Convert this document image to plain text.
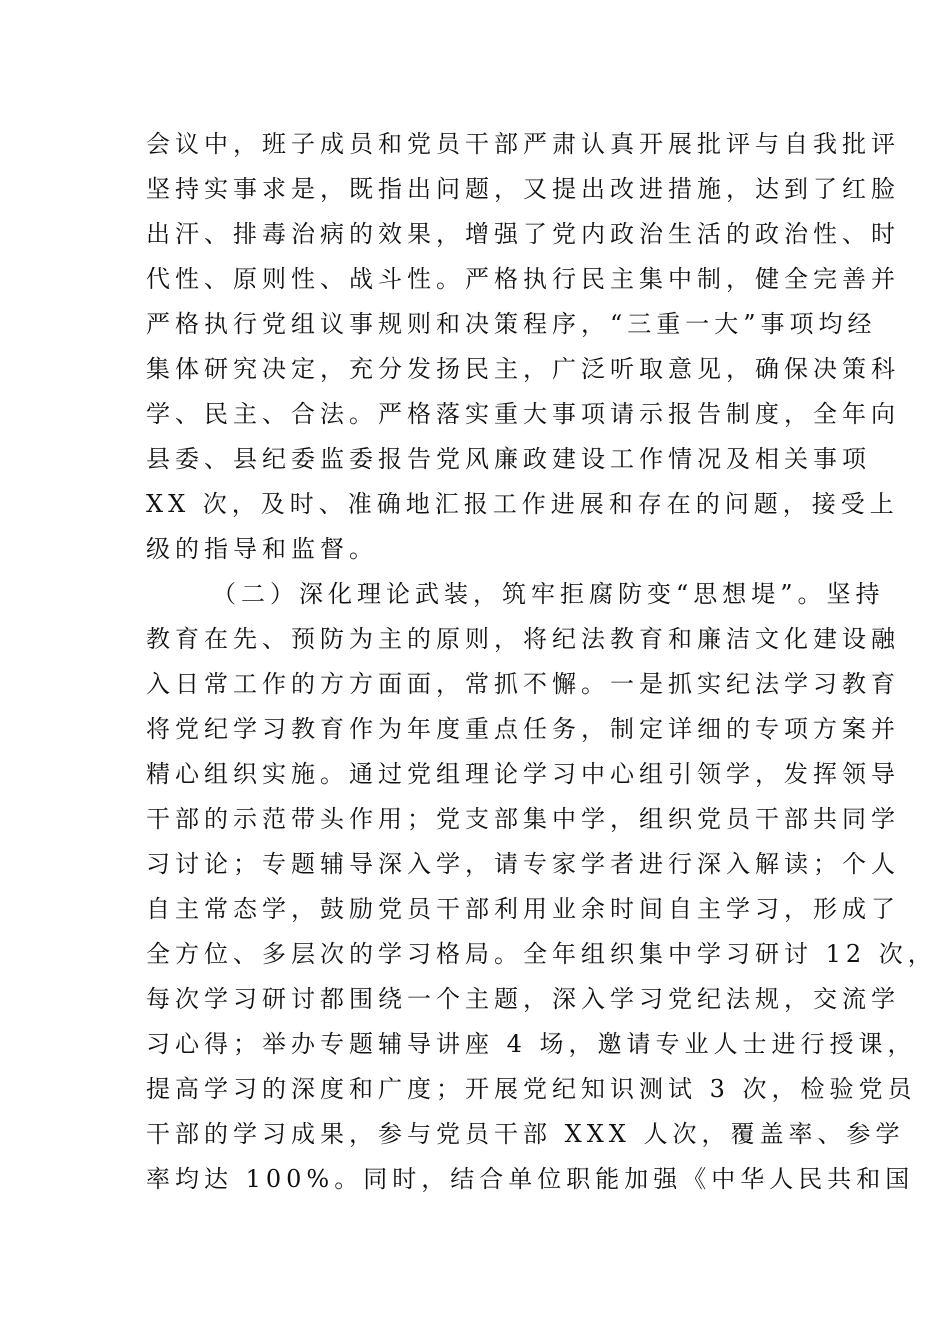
会议中，班子成员和党员干部严肃认真开展批评与自我批评
坚持实事求是，既指出问题，又提出改进措施，达到了红脸
出汗、排毒治病的效果，增强了党内政治生活的政治性、时
代性、原则性、战斗性。严格执行民主集中制，健全完善并
严格执行党组议事规则和决策程序，“三重一大”事项均经
集体研究决定，充分发扬民主，广泛听取意见，确保决策科
学、民主、合法。严格落实重大事项请示报告制度，全年向
县委、县纪委监委报告党风廉政建设工作情况及相关事项
XX 次，及时、准确地汇报工作进展和存在的问题，接受上
级的指导和监督。
（二）深化理论武装，筑牢拒腐防变“思想堤”。坚持
教育在先、预防为主的原则，将纪法教育和廉洁文化建设融
入日常工作的方方面面，常抓不懈。一是抓实纪法学习教育
将党纪学习教育作为年度重点任务，制定详细的专项方案并
精心组织实施。通过党组理论学习中心组引领学，发挥领导
干部的示范带头作用；党支部集中学，组织党员干部共同学
习讨论；专题辅导深入学，请专家学者进行深入解读；个人
自主常态学，鼓励党员干部利用业余时间自主学习，形成了
全方位、多层次的学习格局。全年组织集中学习研讨 12 次，
每次学习研讨都围绕一个主题，深入学习党纪法规，交流学
习心得；举办专题辅导讲座 4 场，邀请专业人士进行授课，
提高学习的深度和广度；开展党纪知识测试 3 次，检验党员
干部的学习成果，参与党员干部 XXX 人次，覆盖率、参学
率均达 100%。同时，结合单位职能加强《中华人民共和国
